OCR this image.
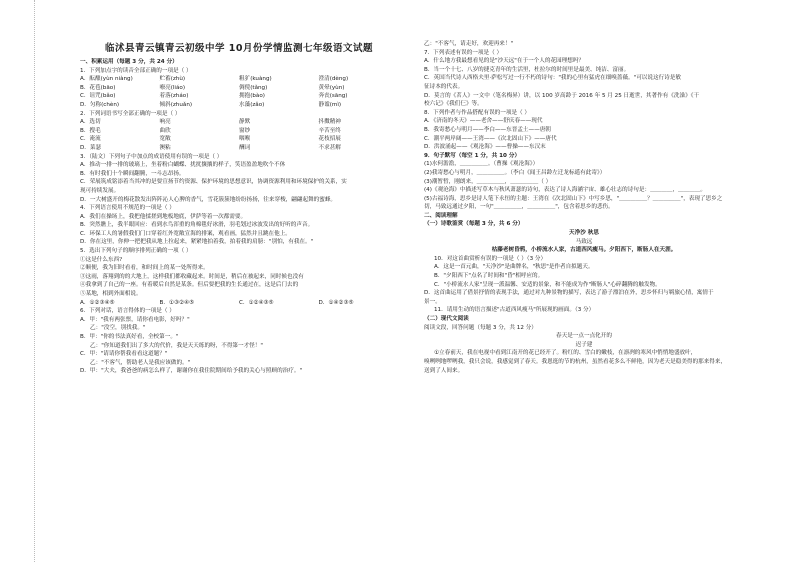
临沭县青云镇青云初级中学 10月份学情监测七年级语文试题
一、积累运用（每题 3 分，共 24 分）
1．下列加点字的读音全部正确的一项是（ ）
A．酝酿(yùn niàng)	贮蓄(zhù)	粗犷(kuàng)	澄清(dèng)
B．花苞(bāo)	嘹亮(liáo)	倜傥(tǎng)	黄晕(yùn)
C．诅咒(bǎo)	着落(zháo)	拥抱(bào)	奔丧(sāng)
D．匀称(chèn)	倾斜(zhuǎn)	水藻(zǎo)	静谧(mì)
2．下列词语书写全部正确的一项是（ ）
A．选切	响亮	静默	抖擞精神
B．搜毛	曲欣	窗纱	辛苦至终
C．淹流	宽敞	咽喉	花枝招展
D．菜瑟	澳粘	酬词	不求甚解
3．（陆文）下列句子中加点的成语使用有误的一项是（ ）
A．推动一排一排的玻璃上，坐着粉白蝴蝶、扰扰攘攘的样子，笑语盈盈地吹个不休
B．有时我们十个瞬间翻腾，一斗志昂扬。
C．荣展筑成铭添着当其冲的是要宣扬节约资源、保护环境的思想意识，协调资源利用和环境保护的关系，实
现可持续发展。
D．一大树盛开的梅花散发出阵阵沁人心脾的香气，雪花簇簇地纷纷扬扬，往来穿梭，翩翩起舞的蜜蜂。
4．下列语言使用不规范的一项是（ ）
A．我们在操场上，我把他揉搓到地板地底，伊萨等着一次都需要。
B．突然瞧上，我半眼回应：看到水鸟浑重的角棉毯好冰滑，羽毛划过冰波发出的好听的声音。
C．环保工人的暑假我们门口穿着红外宽敞宣海的排案，观看画，猛然并且跳在他上。
D．你在这里，你伸一把把我从地上拉起来，紧紧地拍着我，拍着我的肩膀："别怕，有我在。"
5．选出下列句子的顺序排列正确的一项（ ）
①这是什么东西?
②顺便，我为旧时看看，和时间上的某一处所得来。
③这雨，落翔到的的大地上，这样我们都收藏起来。时间是，稍后在被起来，同时候也没有
④我拿到了自己的一座。有着暖后自然是某条。但后要把我的生长通过在，这是后门去的
⑤某地，相到外面相说。
A．①②③④⑤	B．①③②④⑤	C．①②④③⑤	D．①④②③⑤
6．下列对话，语言得体的一项是（ ）
A．甲："我有两张票，请你看电影，好吗？"
乙："没空，别找我。"
B．甲："你的书法真好看，全校第一。"
乙："你知道我们出了多大的代价，我是天天练的呀，不得第一才怪！"
C．甲："请请你帮我看看这道题？"
乙："不客气，帮助老人是我应该做的。"
D．甲："大夫，我爸爸的病怎么样了，谢谢你在我住院期间给予我的关心与照顾的治疗。"
乙："不客气，请走好，欢迎再来！"
7．下列表述有误的一项是（ ）
A．什么地方我最想看见的是"沙天远"在于一个人的花园理想吗？
B．当一个十七、八岁的捷克青年的生活里，杜拉尔的时间里是最美、纯洁、富丽。
C．英国当代诗人西格夫里·萨松写过一行不朽的诗句："我的心里有猛虎在细嗅蔷薇。"可以说这行诗是敏
征诗本的代表。
D．莫言的《茗人》一文中（笔名梅昇）讲，以 100 岁高龄于 2016 年 5 月 25 日逝世，其著作有《洗澡》《干
校六记》《我们仨》等。
8．下列作者与作品搭配有误的一项是（ ）
A．《济南的冬天》——老舍——舒庆春——现代
B．我寄愁心与明月——李白——东晋孟土——唐朝
C．潮平两岸阔——王湾——《次北固山下》——唐代
D．洪波涌起——《观沧海》——曹操——东汉末
9．句子默写（每空 1 分，共 10 分）
(1)水何澹澹，＿＿＿＿＿。（曹操《观沧海》）
(2)我寄愁心与明月，＿＿＿＿＿。（李白《闻王昌龄左迁龙标遥有此寄》）
(3)潮暂暂，刚朗来，＿＿＿＿＿，＿＿＿＿＿（ ）
(4)《观沧海》中描述写草木与秋风萧瑟的诗句，表达了诗人海涵宇宙、雄心壮志的诗句是：＿＿＿＿，＿＿＿＿。
(5)古福诗海，思乡是诗人笔下永恒的主题：王湾在《次北固山下》中写乡思，"＿＿＿＿＿？＿＿＿＿＿"，表现了思乡之
切，马致远通过夕阳，一句"＿＿＿＿＿，＿＿＿＿＿"，包含着思乡的悲伤。
二、阅读理解
（一）诗歌鉴赏（每题 3 分，共 6 分）
天净沙 秋思
马致远
枯藤老树昏鸦，小桥流水人家，古道西风瘦马。夕阳西下，断肠人在天涯。
10．对这首曲赏析有误的一项是（ ）（3 分）
A．这是一首元曲，"天净沙"是曲牌名，"秋思"是作者自拟题天。
B．"夕阳西下"点名了时间和"昏"相呼应的。
C．"小桥流水人家"呈现一派温馨、安适的景象，和不能成为作"断肠人"心碎翻腾的触发物。
D．这首曲运用了借景抒情的表现手法，通过对九种景物的描写，表达了游子漂泊在外，思乡怀归与羁旅心情，寓情于
景一。
11．请用生动的语言描述"古道西风瘦马"所展现的画面。（3 分）
（二）现代文阅读
阅读文段，回答问题（每题 3 分，共 12 分）
春天是一点一点化开的
迟子建
①立春前天，我在电视中看到江南开的花已经开了。粉红的、雪白的嫩枝，在凛冽的寒风中悄悄地盛放叶，
嗅咧咧地啰咧我，我只会说，我感觉到了春天。我恩逛的节的杭州，虽然看花多么不鲜艳，因为老天是稳美得的那来得来，
送到了人间来。
